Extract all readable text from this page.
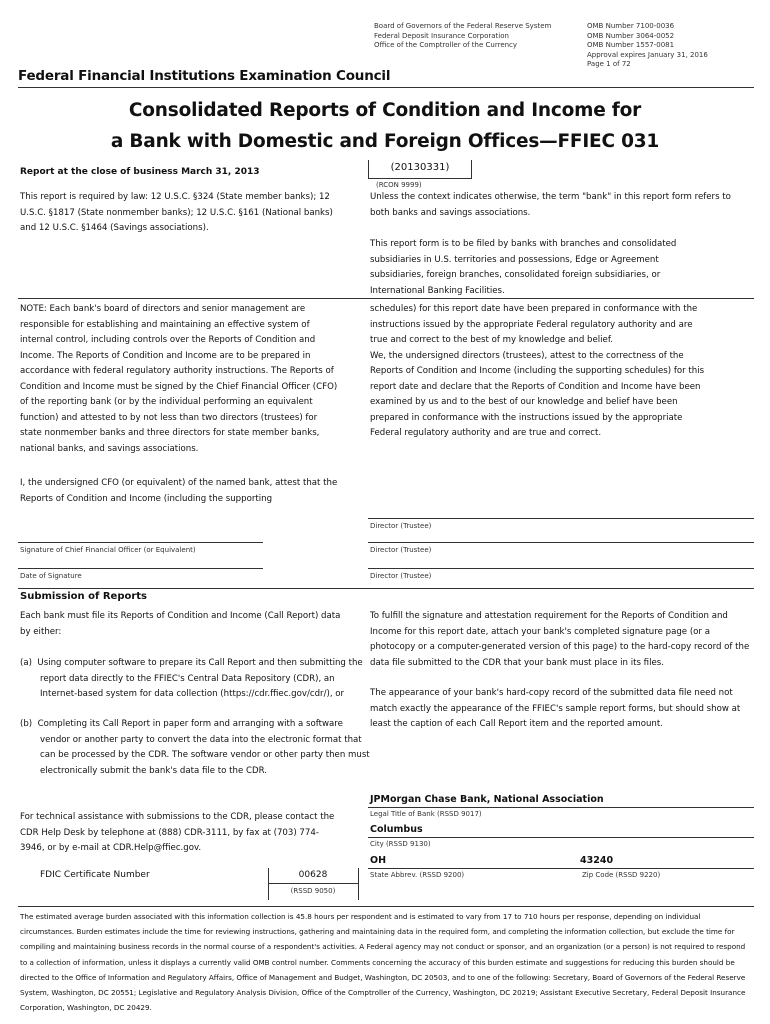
Board of Governors of the Federal Reserve System
Federal Deposit Insurance Corporation
Office of the Comptroller of the Currency
OMB Number 7100-0036
OMB Number 3064-0052
OMB Number 1557-0081
Approval expires January 31, 2016
Page 1 of 72
Federal Financial Institutions Examination Council
Consolidated Reports of Condition and Income for
a Bank with Domestic and Foreign Offices—FFIEC 031
Report at the close of business March 31, 2013	(20130331)
(RCON 9999)

This report is required by law: 12 U.S.C. §324 (State member banks); 12 U.S.C. §1817 (State nonmember banks); 12 U.S.C. §161 (National banks) and 12 U.S.C. §1464 (Savings associations).

Unless the context indicates otherwise, the term "bank" in this report form refers to both banks and savings associations.

This report form is to be filed by banks with branches and consolidated subsidiaries in U.S. territories and possessions, Edge or Agreement subsidiaries, foreign branches, consolidated foreign subsidiaries, or International Banking Facilities.

NOTE: Each bank's board of directors and senior management are responsible for establishing and maintaining an effective system of internal control, including controls over the Reports of Condition and Income. The Reports of Condition and Income are to be prepared in accordance with federal regulatory authority instructions. The Reports of Condition and Income must be signed by the Chief Financial Officer (CFO) of the reporting bank (or by the individual performing an equivalent function) and attested to by not less than two directors (trustees) for state nonmember banks and three directors for state member banks, national banks, and savings associations.

schedules) for this report date have been prepared in conformance with the instructions issued by the appropriate Federal regulatory authority and are true and correct to the best of my knowledge and belief.

We, the undersigned directors (trustees), attest to the correctness of the Reports of Condition and Income (including the supporting schedules) for this report date and declare that the Reports of Condition and Income have been examined by us and to the best of our knowledge and belief have been prepared in conformance with the instructions issued by the appropriate Federal regulatory authority and are true and correct.

I, the undersigned CFO (or equivalent) of the named bank, attest that the Reports of Condition and Income (including the supporting

Director (Trustee)
Signature of Chief Financial Officer (or Equivalent)	Director (Trustee)
Date of Signature	Director (Trustee)
Submission of Reports

Each bank must file its Reports of Condition and Income (Call Report) data by either:

(a)  Using computer software to prepare its Call Report and then submitting the report data directly to the FFIEC's Central Data Repository (CDR), an Internet-based system for data collection (https://cdr.ffiec.gov/cdr/), or

(b)  Completing its Call Report in paper form and arranging with a software vendor or another party to convert the data into the electronic format that can be processed by the CDR. The software vendor or other party then must electronically submit the bank's data file to the CDR.

For technical assistance with submissions to the CDR, please contact the CDR Help Desk by telephone at (888) CDR-3111, by fax at (703) 774-3946, or by e-mail at CDR.Help@ffiec.gov.

To fulfill the signature and attestation requirement for the Reports of Condition and Income for this report date, attach your bank's completed signature page (or a photocopy or a computer-generated version of this page) to the hard-copy record of the data file submitted to the CDR that your bank must place in its files.

The appearance of your bank's hard-copy record of the submitted data file need not match exactly the appearance of the FFIEC's sample report forms, but should show at least the caption of each Call Report item and the reported amount.

JPMorgan Chase Bank, National Association
Legal Title of Bank (RSSD 9017)
Columbus
City (RSSD 9130)
OH	43240
State Abbrev. (RSSD 9200)	Zip Code (RSSD 9220)
FDIC Certificate Number	00628
(RSSD 9050)

The estimated average burden associated with this information collection is 45.8 hours per respondent and is estimated to vary from 17 to 710 hours per response, depending on individual circumstances. Burden estimates include the time for reviewing instructions, gathering and maintaining data in the required form, and completing the information collection, but exclude the time for compiling and maintaining business records in the normal course of a respondent's activities. A Federal agency may not conduct or sponsor, and an organization (or a person) is not required to respond to a collection of information, unless it displays a currently valid OMB control number. Comments concerning the accuracy of this burden estimate and suggestions for reducing this burden should be directed to the Office of Information and Regulatory Affairs, Office of Management and Budget, Washington, DC 20503, and to one of the following: Secretary, Board of Governors of the Federal Reserve System, Washington, DC 20551; Legislative and Regulatory Analysis Division, Office of the Comptroller of the Currency, Washington, DC 20219; Assistant Executive Secretary, Federal Deposit Insurance Corporation, Washington, DC 20429.
